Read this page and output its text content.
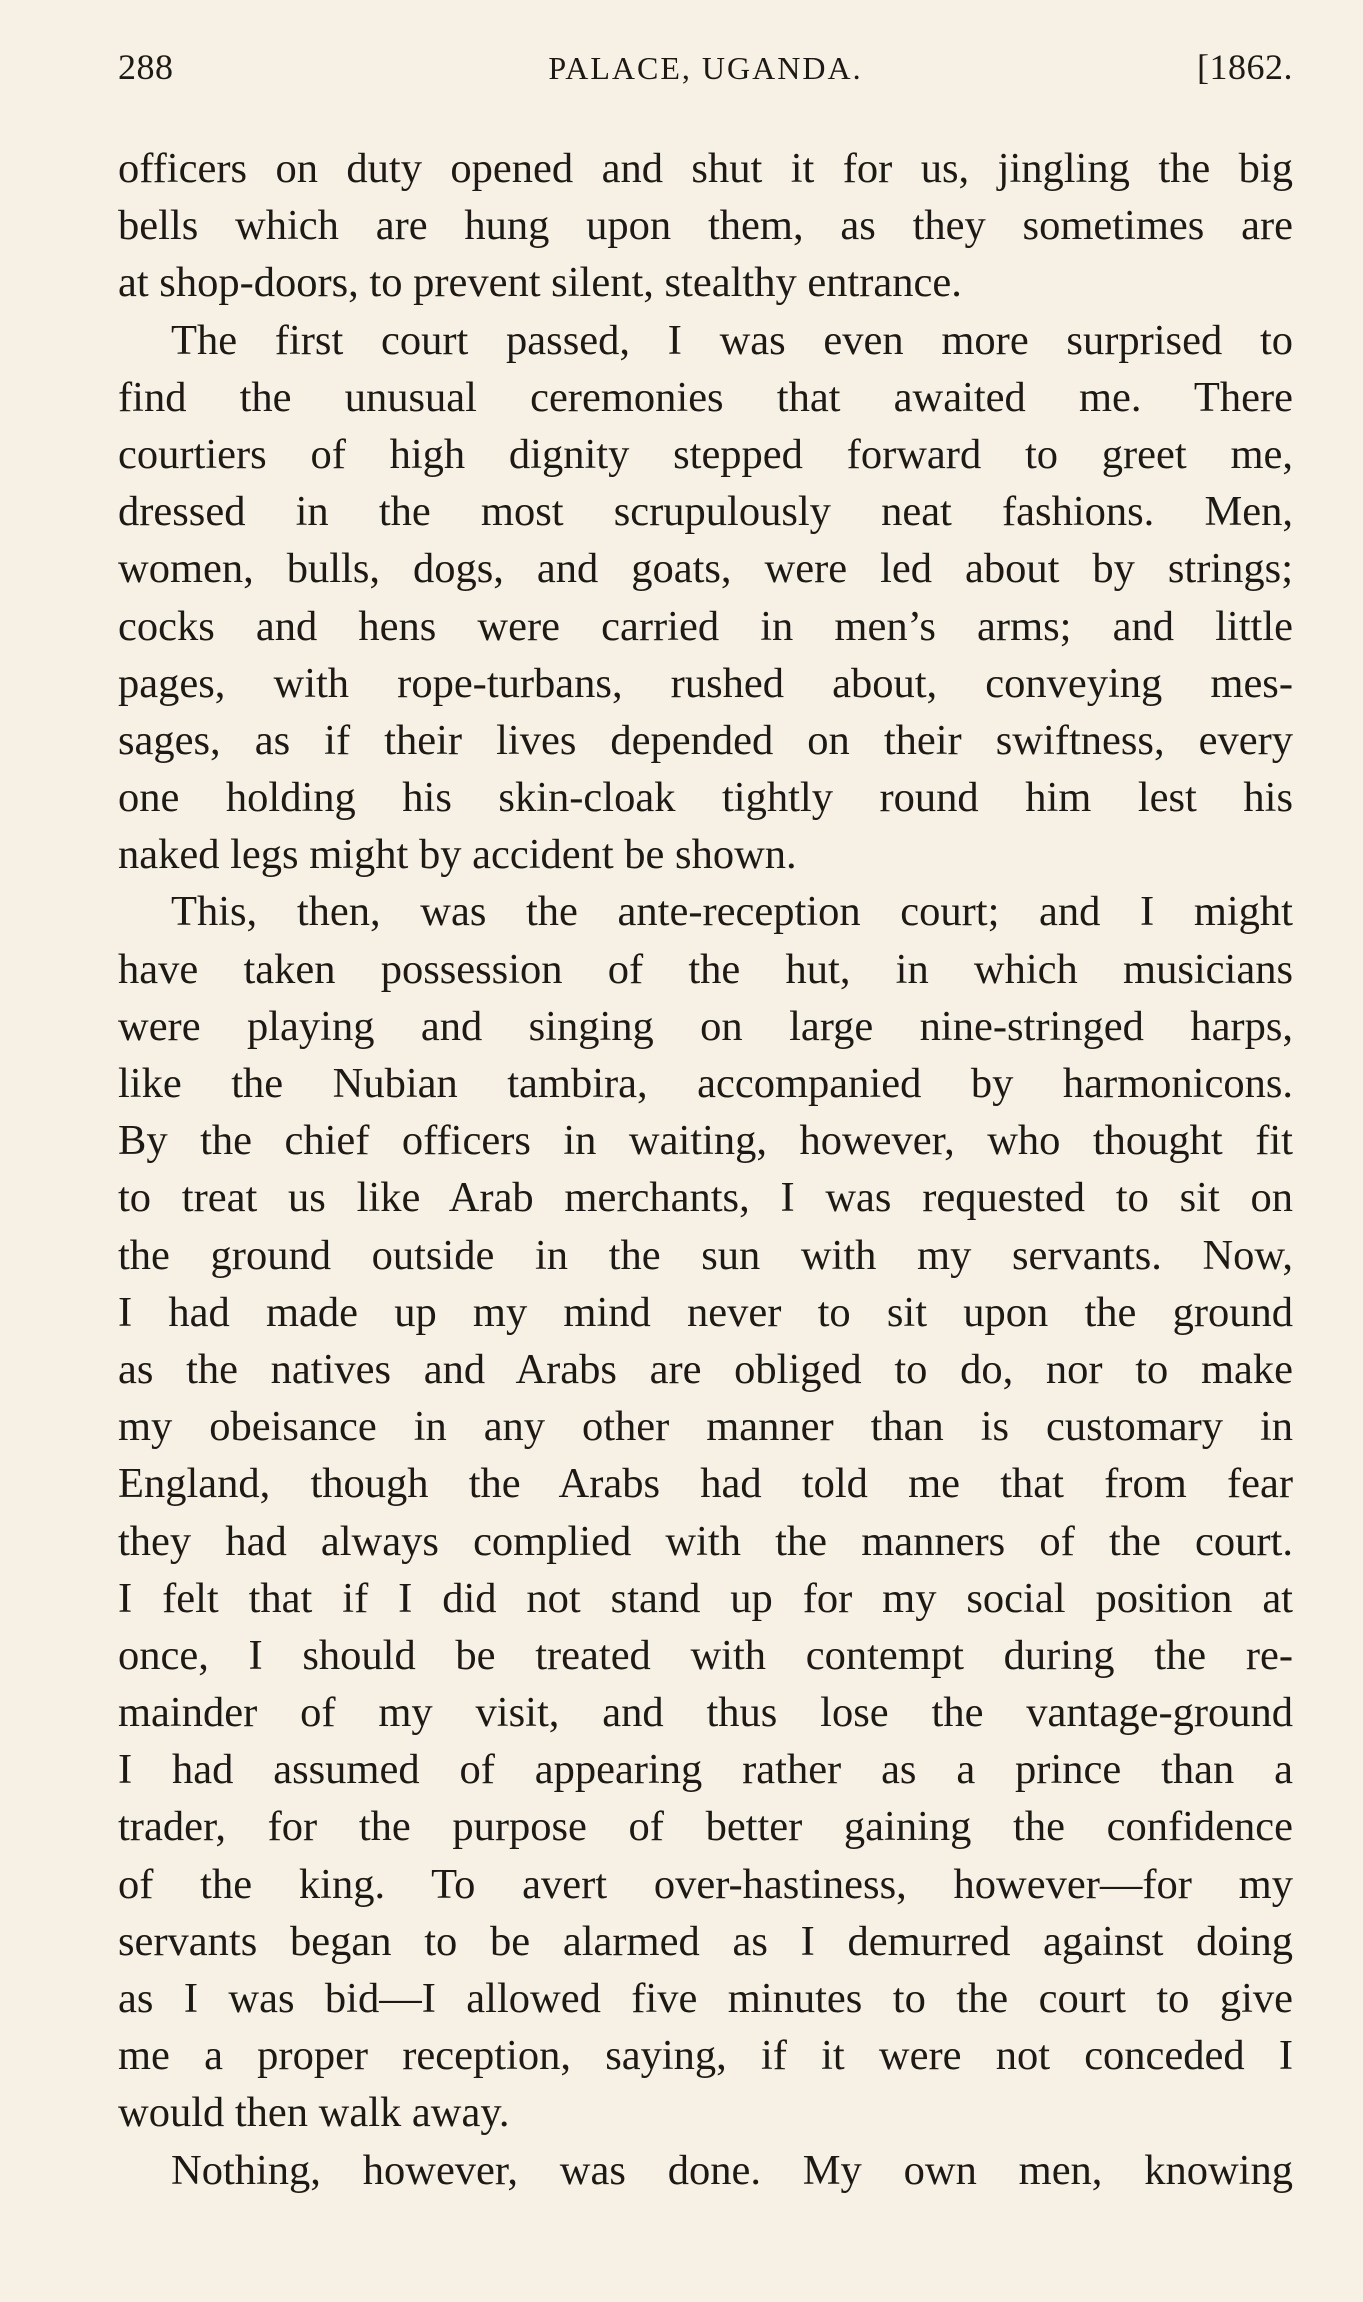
288	PALACE, UGANDA.	[1862.
officers on duty opened and shut it for us, jingling the big
bells which are hung upon them, as they sometimes are
at shop-doors, to prevent silent, stealthy entrance.
The first court passed, I was even more surprised to
find the unusual ceremonies that awaited me. There
courtiers of high dignity stepped forward to greet me,
dressed in the most scrupulously neat fashions. Men,
women, bulls, dogs, and goats, were led about by strings;
cocks and hens were carried in men’s arms; and little
pages, with rope-turbans, rushed about, conveying mes-
sages, as if their lives depended on their swiftness, every
one holding his skin-cloak tightly round him lest his
naked legs might by accident be shown.
This, then, was the ante-reception court; and I might
have taken possession of the hut, in which musicians
were playing and singing on large nine-stringed harps,
like the Nubian tambira, accompanied by harmonicons.
By the chief officers in waiting, however, who thought fit
to treat us like Arab merchants, I was requested to sit on
the ground outside in the sun with my servants. Now,
I had made up my mind never to sit upon the ground
as the natives and Arabs are obliged to do, nor to make
my obeisance in any other manner than is customary in
England, though the Arabs had told me that from fear
they had always complied with the manners of the court.
I felt that if I did not stand up for my social position at
once, I should be treated with contempt during the re-
mainder of my visit, and thus lose the vantage-ground
I had assumed of appearing rather as a prince than a
trader, for the purpose of better gaining the confidence
of the king. To avert over-hastiness, however—for my
servants began to be alarmed as I demurred against doing
as I was bid—I allowed five minutes to the court to give
me a proper reception, saying, if it were not conceded I
would then walk away.
Nothing, however, was done. My own men, knowing
